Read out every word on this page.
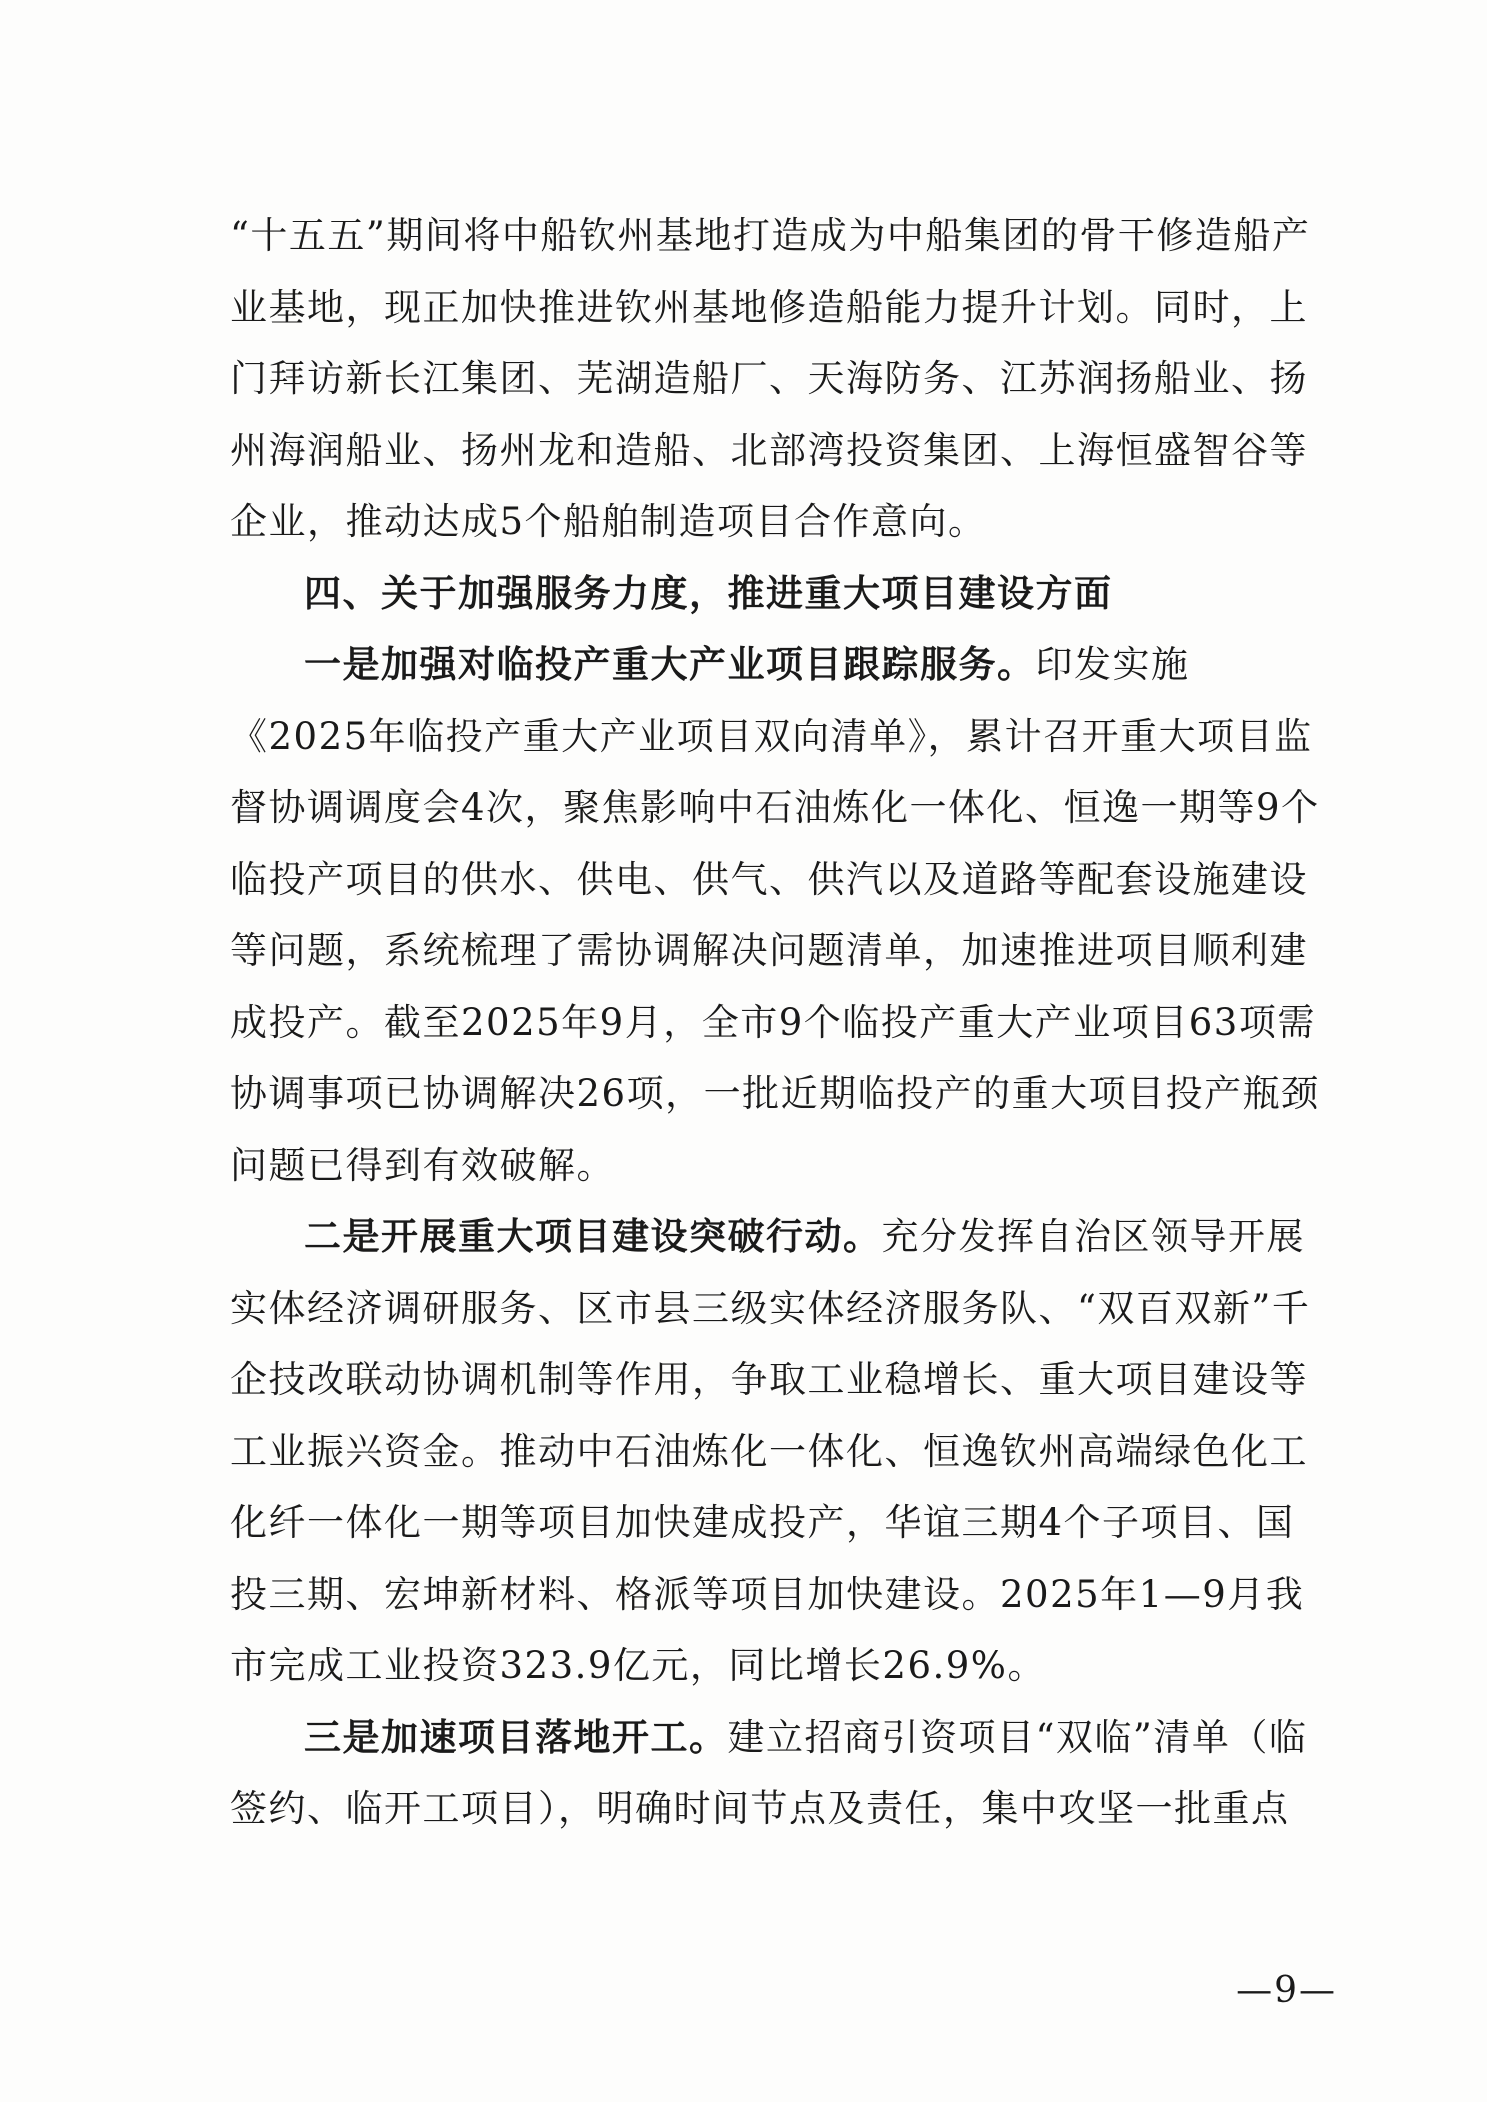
“十五五”期间将中船钦州基地打造成为中船集团的骨干修造船产业基地，现正加快推进钦州基地修造船能力提升计划。同时，上门拜访新长江集团、芜湖造船厂、天海防务、江苏润扬船业、扬州海润船业、扬州龙和造船、北部湾投资集团、上海恒盛智谷等企业，推动达成5个船舶制造项目合作意向。

四、关于加强服务力度，推进重大项目建设方面

一是加强对临投产重大产业项目跟踪服务。印发实施《2025年临投产重大产业项目双向清单》，累计召开重大项目监督协调调度会4次，聚焦影响中石油炼化一体化、恒逸一期等9个临投产项目的供水、供电、供气、供汽以及道路等配套设施建设等问题，系统梳理了需协调解决问题清单，加速推进项目顺利建成投产。截至2025年9月，全市9个临投产重大产业项目63项需协调事项已协调解决26项，一批近期临投产的重大项目投产瓶颈问题已得到有效破解。

二是开展重大项目建设突破行动。充分发挥自治区领导开展实体经济调研服务、区市县三级实体经济服务队、“双百双新”千企技改联动协调机制等作用，争取工业稳增长、重大项目建设等工业振兴资金。推动中石油炼化一体化、恒逸钦州高端绿色化工化纤一体化一期等项目加快建成投产，华谊三期4个子项目、国投三期、宏坤新材料、格派等项目加快建设。2025年1—9月我市完成工业投资323.9亿元，同比增长26.9%。

三是加速项目落地开工。建立招商引资项目“双临”清单（临签约、临开工项目），明确时间节点及责任，集中攻坚一批重点

—9—
